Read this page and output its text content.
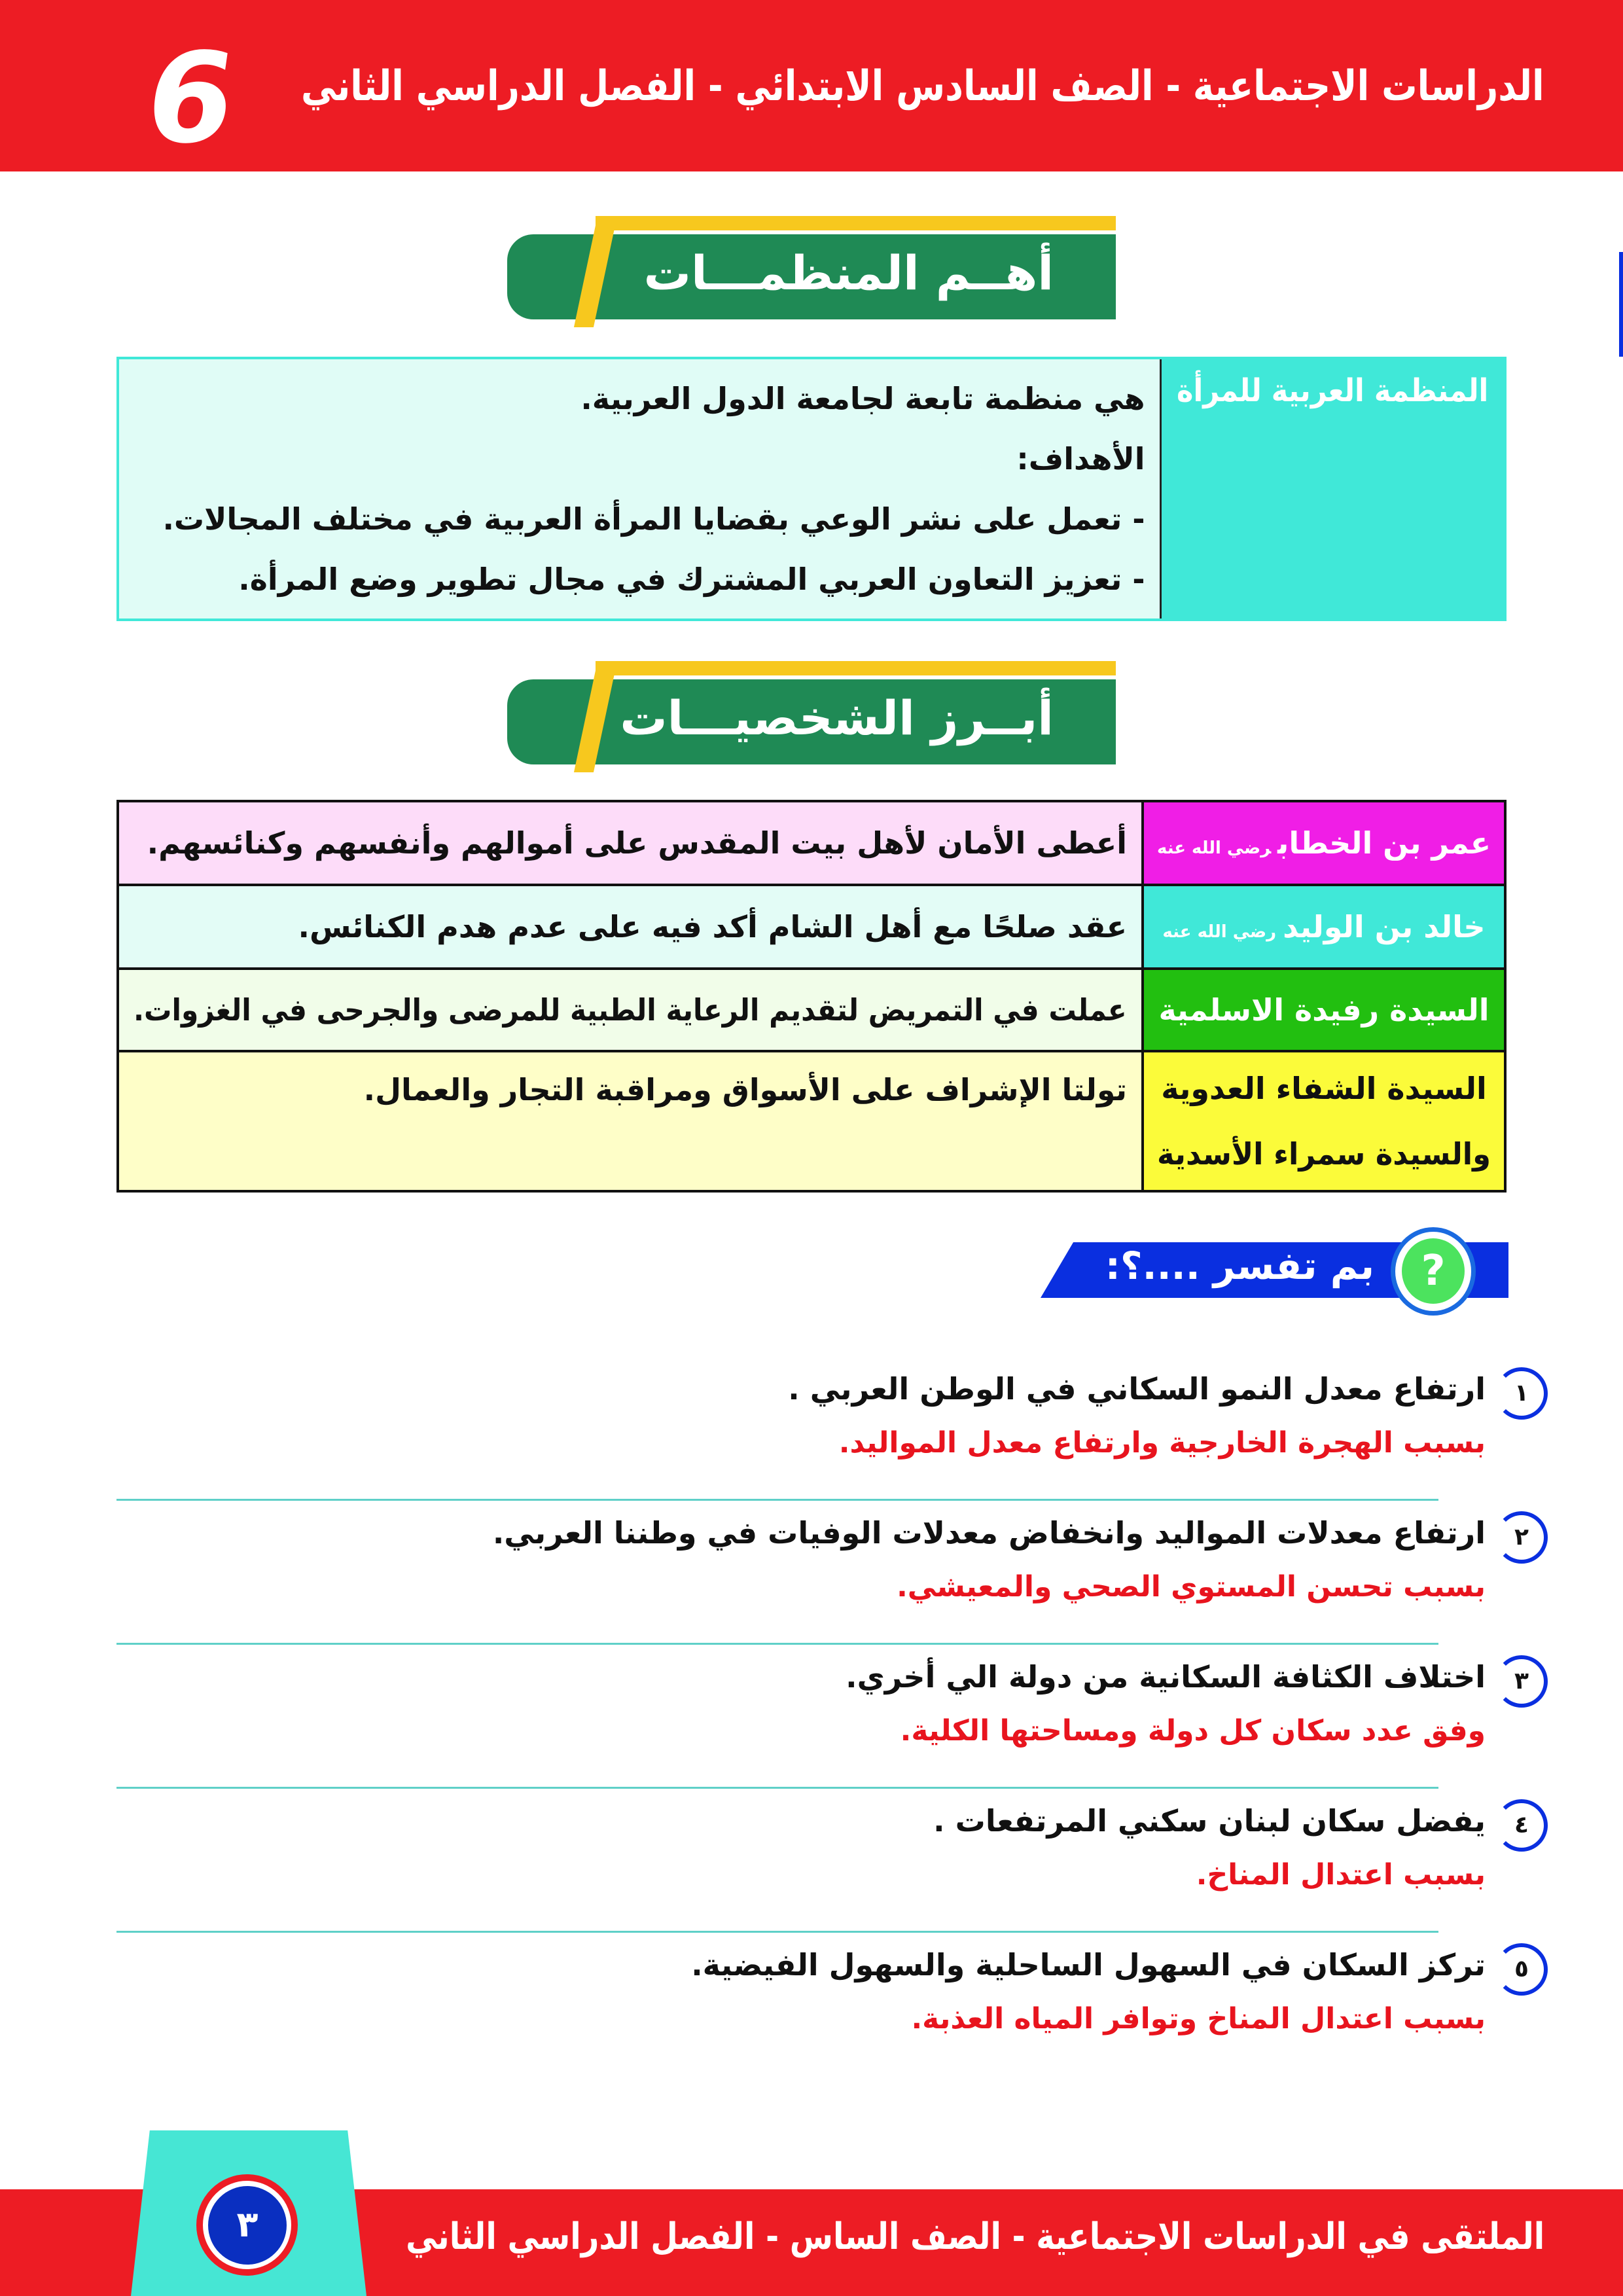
الدراسات الاجتماعية - الصف السادس الابتدائي - الفصل الدراسي الثاني
6
أهــم المنظمـــات
المنظمة العربية للمرأة	
هي منظمة تابعة لجامعة الدول العربية.
الأهداف:
- تعمل على نشر الوعي بقضايا المرأة العربية في مختلف المجالات.
- تعزيز التعاون العربي المشترك في مجال تطوير وضع المرأة.
أبــرز الشخصيـــات
عمر بن الخطابرضي الله عنه	أعطى الأمان لأهل بيت المقدس على أموالهم وأنفسهم وكنائسهم.
خالد بن الوليدرضي الله عنه	عقد صلحًا مع أهل الشام أكد فيه على عدم هدم الكنائس.
السيدة رفيدة الاسلمية	عملت في التمريض لتقديم الرعاية الطبية للمرضى والجرحى في الغزوات.

السيدة الشفاء العدوية
والسيدة سمراء الأسدية	تولتا الإشراف على الأسواق ومراقبة التجار والعمال.
?
بم تفسر ....؟:
١
ارتفاع معدل النمو السكاني في الوطن العربي .
بسبب الهجرة الخارجية وارتفاع معدل المواليد.
٢
ارتفاع معدلات المواليد وانخفاض معدلات الوفيات في وطننا العربي.
بسبب تحسن المستوي الصحي والمعيشي.
٣
اختلاف الكثافة السكانية من دولة الي أخري.
وفق عدد سكان كل دولة ومساحتها الكلية.
٤
يفضل سكان لبنان سكني المرتفعات .
بسبب اعتدال المناخ.
٥
تركز السكان في السهول الساحلية والسهول الفيضية.
بسبب اعتدال المناخ وتوافر المياه العذبة.
٣	الملتقى في الدراسات الاجتماعية - الصف الساس - الفصل الدراسي الثاني
